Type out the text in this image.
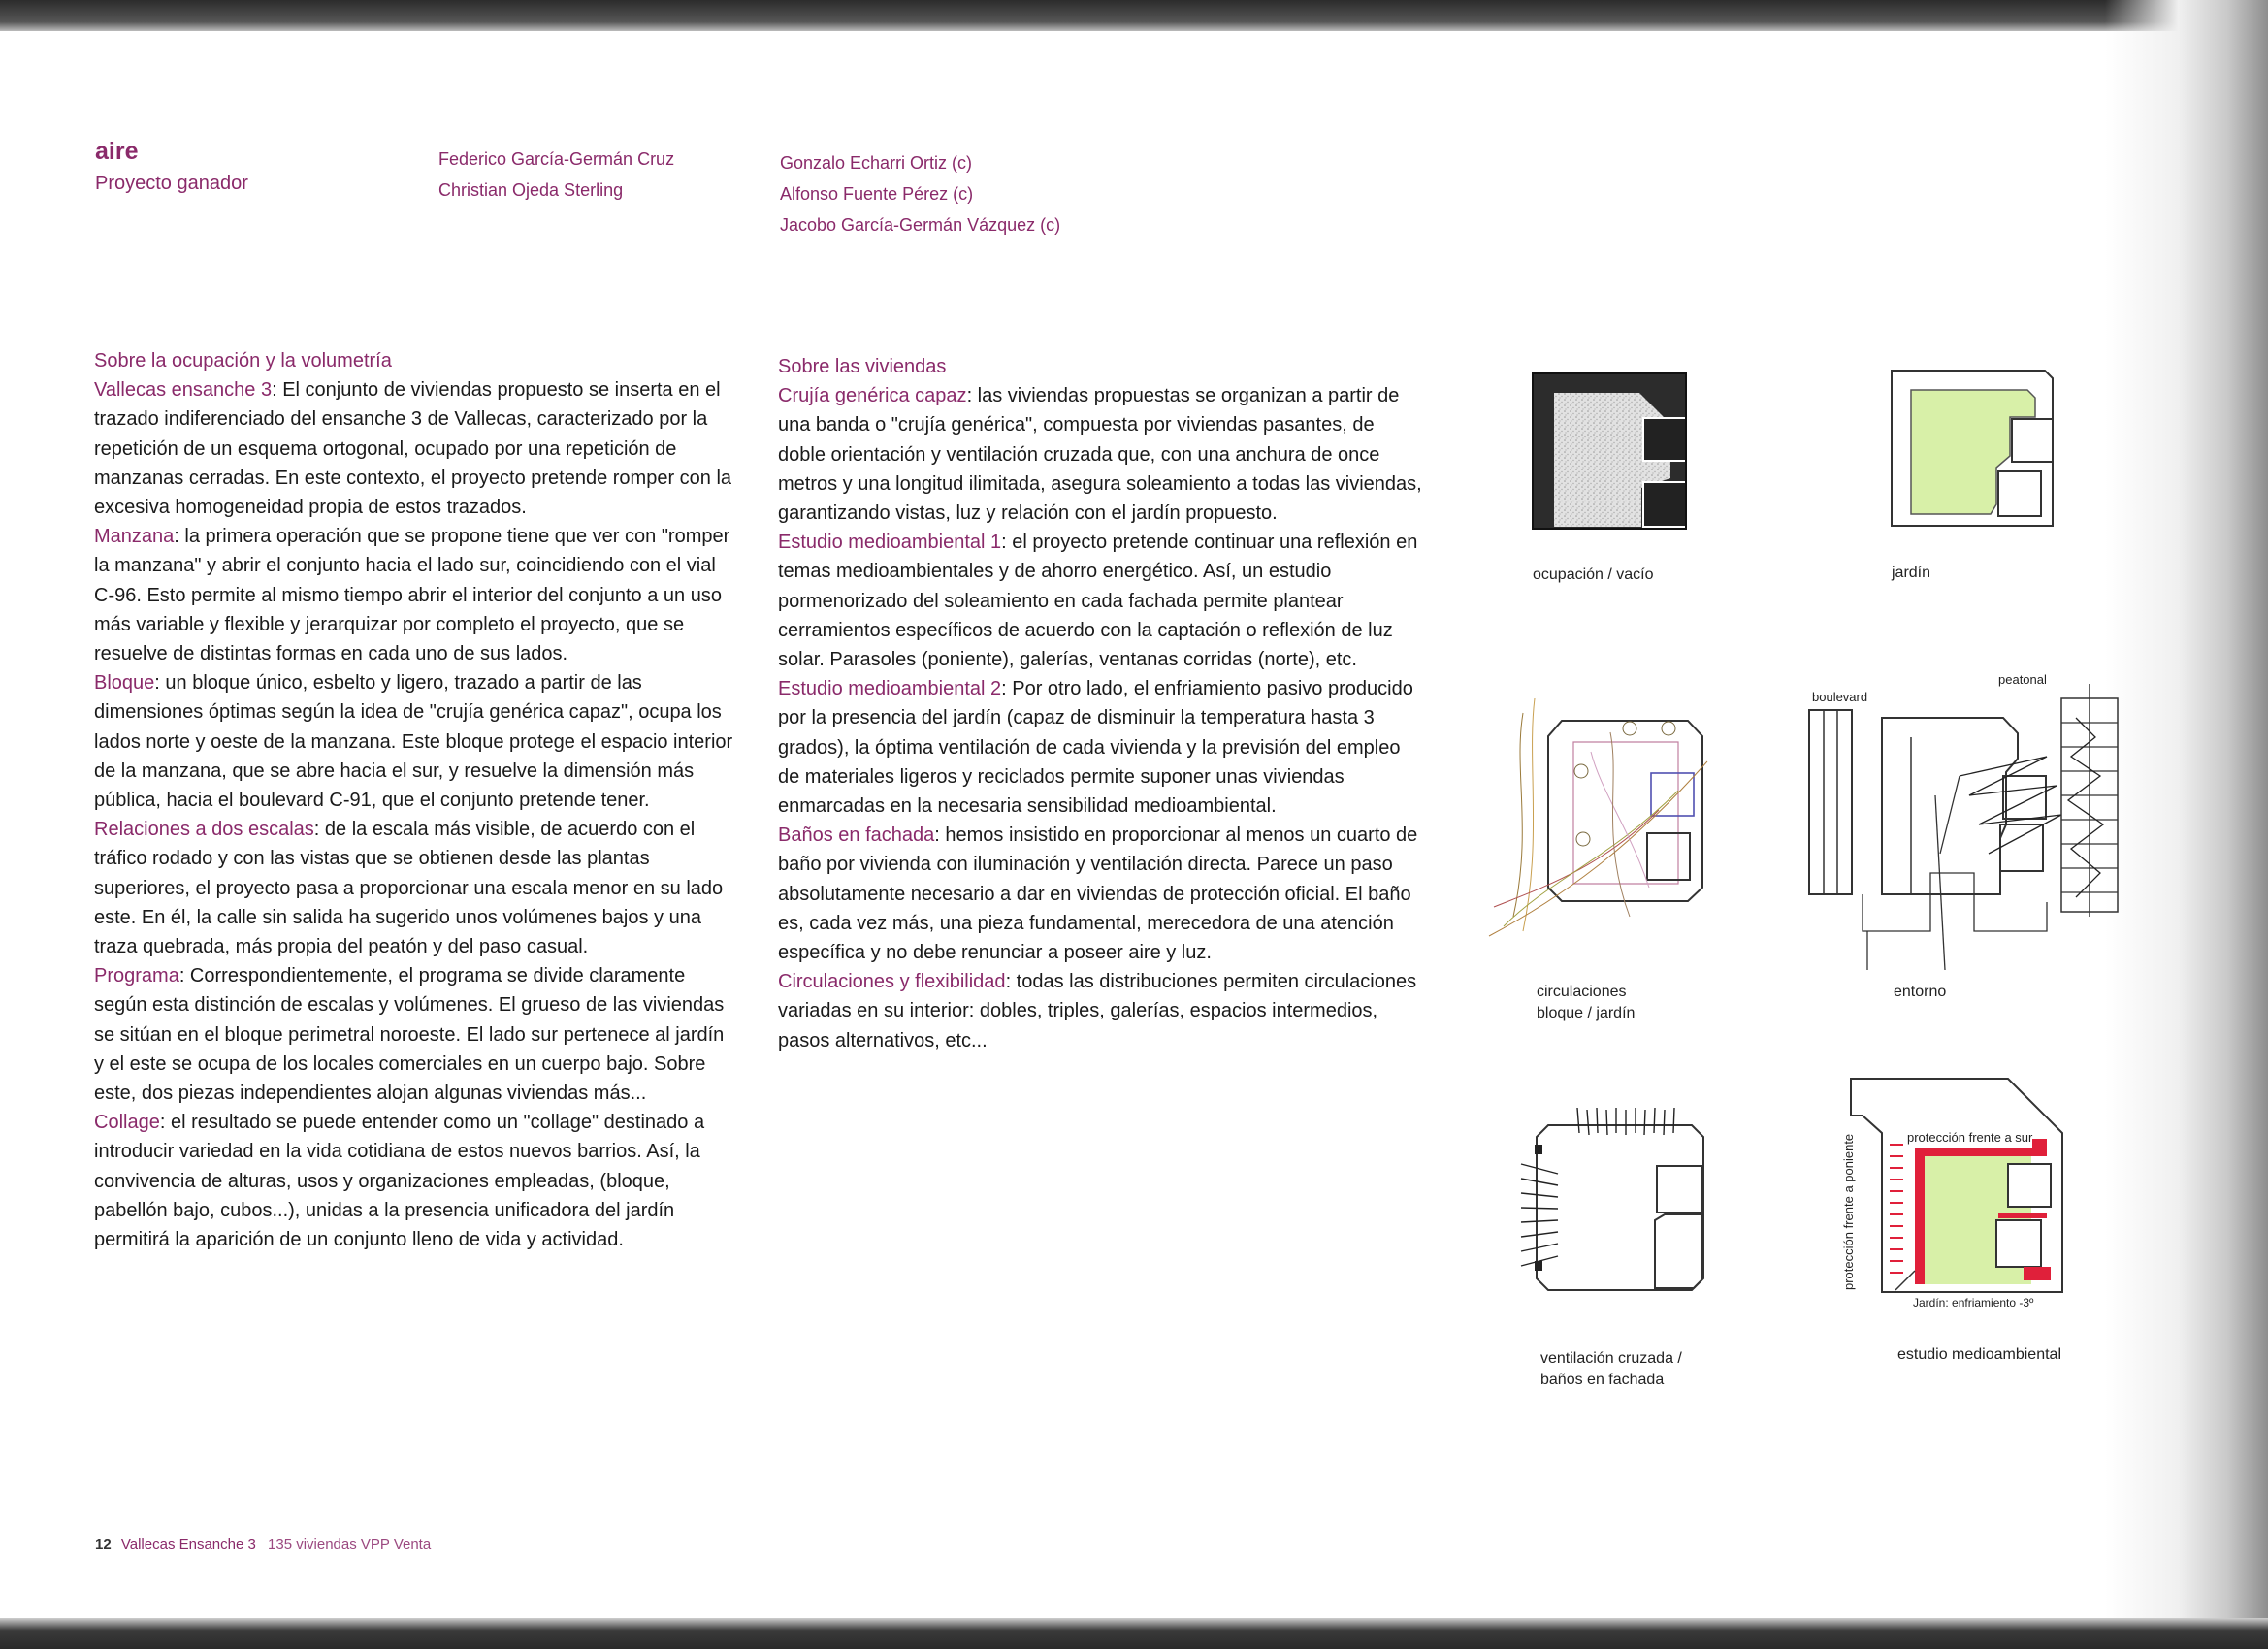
aire
Proyecto ganador
Federico García-Germán Cruz
Christian Ojeda Sterling
Gonzalo Echarri Ortiz (c)
Alfonso Fuente Pérez (c)
Jacobo García-Germán Vázquez (c)
Sobre la ocupación y la volumetría

Vallecas ensanche 3: El conjunto de viviendas propuesto se inserta en el trazado indiferenciado del ensanche 3 de Vallecas, caracterizado por la repetición de un esquema ortogonal, ocupado por una repetición de manzanas cerradas. En este contexto, el proyecto pretende romper con la excesiva homogeneidad propia de estos trazados.

Manzana: la primera operación que se propone tiene que ver con "romper la manzana" y abrir el conjunto hacia el lado sur, coincidiendo con el vial C-96. Esto permite al mismo tiempo abrir el interior del conjunto a un uso más variable y flexible y jerarquizar por completo el proyecto, que se resuelve de distintas formas en cada uno de sus lados.

Bloque: un bloque único, esbelto y ligero, trazado a partir de las dimensiones óptimas según la idea de "crujía genérica capaz", ocupa los lados norte y oeste de la manzana. Este bloque protege el espacio interior de la manzana, que se abre hacia el sur, y resuelve la dimensión más pública, hacia el boulevard C-91, que el conjunto pretende tener.

Relaciones a dos escalas: de la escala más visible, de acuerdo con el tráfico rodado y con las vistas que se obtienen desde las plantas superiores, el proyecto pasa a proporcionar una escala menor en su lado este. En él, la calle sin salida ha sugerido unos volúmenes bajos y una traza quebrada, más propia del peatón y del paso casual.

Programa: Correspondientemente, el programa se divide claramente según esta distinción de escalas y volúmenes. El grueso de las viviendas se sitúan en el bloque perimetral noroeste. El lado sur pertenece al jardín y el este se ocupa de los locales comerciales en un cuerpo bajo. Sobre este, dos piezas independientes alojan algunas viviendas más...

Collage: el resultado se puede entender como un "collage" destinado a introducir variedad en la vida cotidiana de estos nuevos barrios. Así, la convivencia de alturas, usos y organizaciones empleadas, (bloque, pabellón bajo, cubos...), unidas a la presencia unificadora del jardín permitirá la aparición de un conjunto lleno de vida y actividad.

Sobre las viviendas

Crujía genérica capaz: las viviendas propuestas se organizan a partir de una banda o "crujía genérica", compuesta por viviendas pasantes, de doble orientación y ventilación cruzada que, con una anchura de once metros y una longitud ilimitada, asegura soleamiento a todas las viviendas, garantizando vistas, luz y relación con el jardín propuesto.

Estudio medioambiental 1: el proyecto pretende continuar una reflexión en temas medioambientales y de ahorro energético. Así, un estudio pormenorizado del soleamiento en cada fachada permite plantear cerramientos específicos de acuerdo con la captación o reflexión de luz solar. Parasoles (poniente), galerías, ventanas corridas (norte), etc.

Estudio medioambiental 2: Por otro lado, el enfriamiento pasivo producido por la presencia del jardín (capaz de disminuir la temperatura hasta 3 grados), la óptima ventilación de cada vivienda y la previsión del empleo de materiales ligeros y reciclados permite suponer unas viviendas enmarcadas en la necesaria sensibilidad medioambiental.

Baños en fachada: hemos insistido en proporcionar al menos un cuarto de baño por vivienda con iluminación y ventilación directa. Parece un paso absolutamente necesario a dar en viviendas de protección oficial. El baño es, cada vez más, una pieza fundamental, merecedora de una atención específica y no debe renunciar a poseer aire y luz.

Circulaciones y flexibilidad: todas las distribuciones permiten circulaciones variadas en su interior: dobles, triples, galerías, espacios intermedios, pasos alternativos, etc...

ocupación / vacío	jardín
circulaciones
bloque / jardín
boulevard
peatonal
entorno
ventilación cruzada /
baños en fachada
protección frente a sur
protección frente a poniente
Jardín: enfriamiento -3º
estudio medioambiental
12 Vallecas Ensanche 3 135 viviendas VPP Venta
